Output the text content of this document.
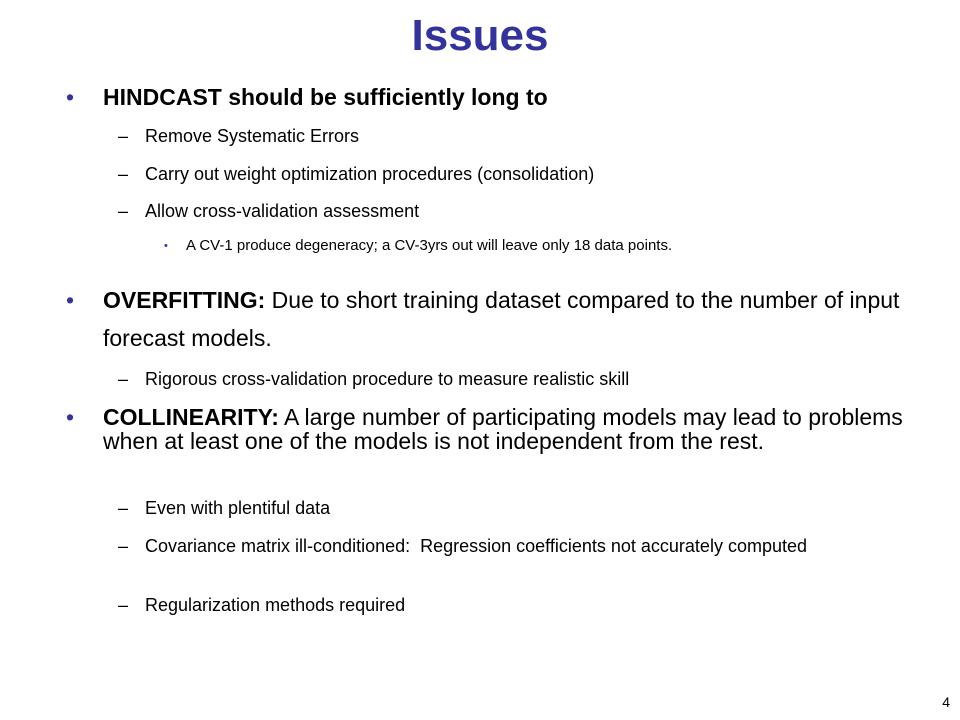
Issues
• HINDCAST should be sufficiently long to
– Remove Systematic Errors
– Carry out weight optimization procedures (consolidation)
– Allow cross-validation assessment
• A CV-1 produce degeneracy; a CV-3yrs out will leave only 18 data points.
• OVERFITTING: Due to short training dataset compared to the number of input forecast models.
– Rigorous cross-validation procedure to measure realistic skill
• COLLINEARITY: A large number of participating models may lead to problems when at least one of the models is not independent from the rest.
– Even with plentiful data
– Covariance matrix ill-conditioned:  Regression coefficients not accurately computed
– Regularization methods required
4
